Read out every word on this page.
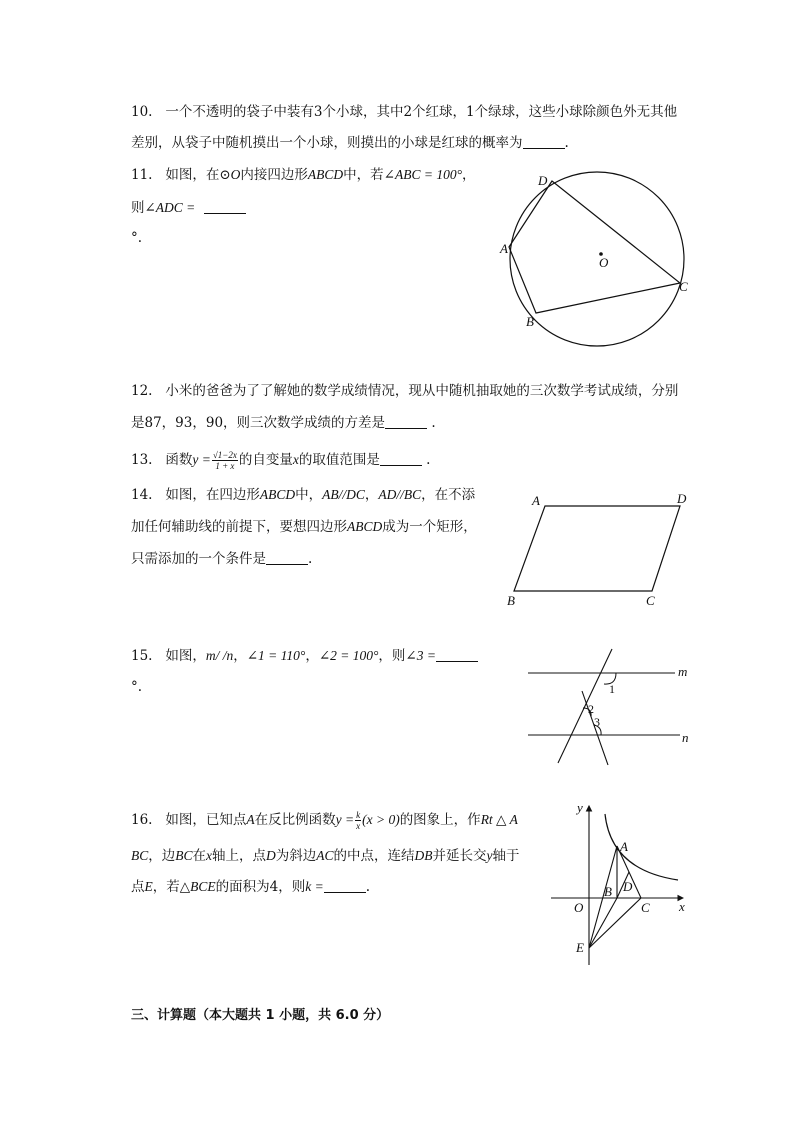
10. 一个不透明的袋子中装有3个小球，其中2个红球，1个绿球，这些小球除颜色外无其他
差别，从袋子中随机摸出一个小球，则摸出的小球是红球的概率为	.
11. 如图，在⊙O内接四边形ABCD中，若∠ABC = 100°，
则∠ADC =
°.
D
A
B
C
O
12. 小米的爸爸为了了解她的数学成绩情况，现从中随机抽取她的三次数学考试成绩，分别
是87，93，90，则三次数学成绩的方差是	.
13. 函数$y = \frac{√1-2x}{1 + x}$ 的自变量x的取值范围是	.
14. 如图，在四边形ABCD中，AB//DC，AD//BC，在不添
加任何辅助线的前提下，要想四边形ABCD成为一个矩形，
只需添加的一个条件是	.
A	D
B	C
15. 如图，m/ /n，∠1 = 110°，∠2 = 100°，则∠3 =
°.
m
n
1
2
3
16. 如图，已知点A在反比例函数$y = \frac{k}{x} (x > 0)$的图象上，作Rt △ A
BC，边BC在x轴上，点D为斜边AC的中点，连结DB并延长交y轴于
点E，若△BCE的面积为4，则k =	.
y
x
A
B D
C
O
E
三、计算题（本大题共 1 小题，共 6.0 分）
